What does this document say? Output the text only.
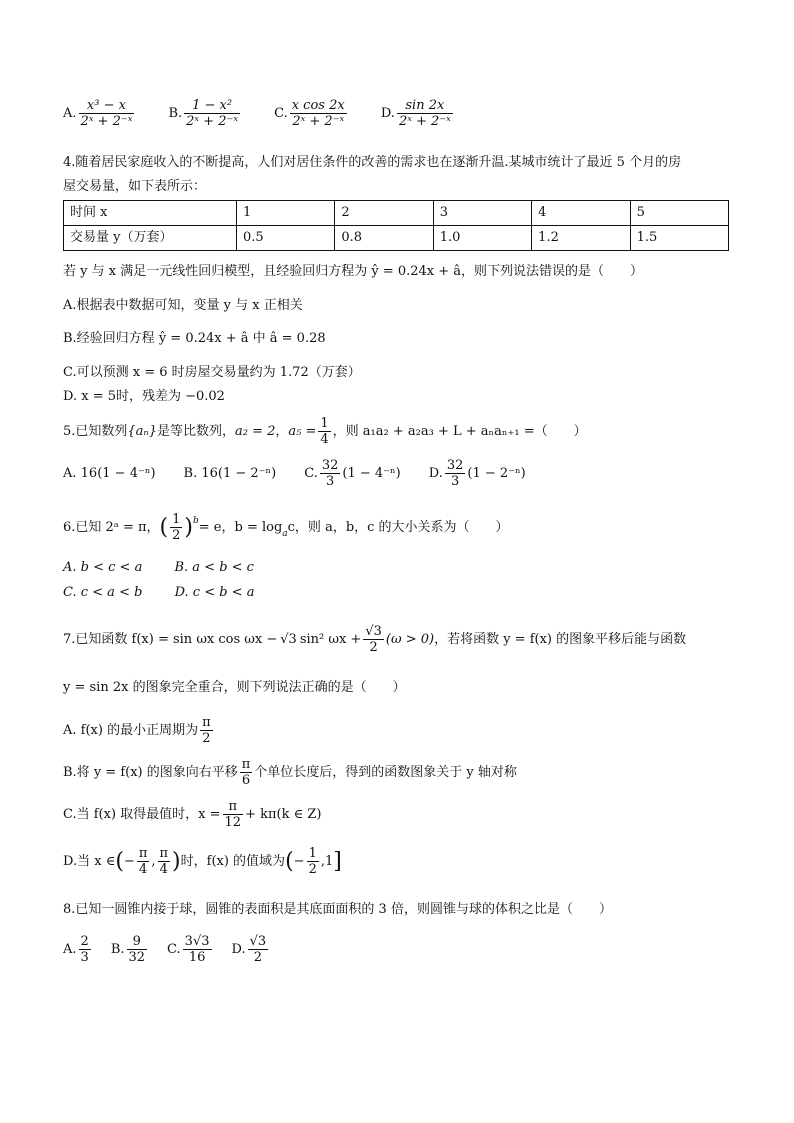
A. $\frac{\text{x³ − x}}{\text{2ˣ + 2⁻ˣ}}$
	B. $\frac{\text{1 − x²}}{\text{2ˣ + 2⁻ˣ}}$
	C. $\frac{\text{x cos 2x}}{\text{2ˣ + 2⁻ˣ}}$
	D. $\frac{\sin 2x}{\text{2ˣ + 2⁻ˣ}}$
4.随着居民家庭收入的不断提高，人们对居住条件的改善的需求也在逐渐升温.某城市统计了最近 5 个月的房
屋交易量，如下表所示：
时间 x	1	2	3	4	5
交易量 y（万套）	0.5	0.8	1.0	1.2	1.5
若 y 与 x 满足一元线性回归模型，且经验回归方程为 ŷ = 0.24x + â，则下列说法错误的是（　　）
A.根据表中数据可知，变量 y 与 x 正相关
B.经验回归方程 ŷ = 0.24x + â 中 â = 0.28
C.可以预测 x = 6 时房屋交易量约为 1.72（万套）
D. x = 5时，残差为 −0.02
5.已知数列 {aₙ} 是等比数列， a₂ = 2 ， $a_5 = \frac{1}{4}$ ，则 a₁a₂ + a₂a₃ + L + aₙaₙ₊₁ =（　　）
A. 16(1 − 4⁻ⁿ) B. 16(1 − 2⁻ⁿ) C. $\frac{32}{3} (1 - 4^{-n})$ D. $\frac{32}{3} (1 - 2^{-n})$
6.已知 2ᵃ = π， ( $\frac{1}{2} )^b = e$，$b = \log_a c$，则 a，b，c 的大小关系为（　　）
A. b < c < a B. a < b < c
C. c < a < b D. c < b < a
7.已知函数 f(x) = sin ωx cos ωx − √3 sin² $\omega x + \frac{√3}{2} (\omega > 0)$ ，若将函数 y = f(x) 的图象平移后能与函数
y = sin 2x 的图象完全重合，则下列说法正确的是（　　）
A. f(x) 的最小正周期为 $\frac{\pi}{2}$
B.将 y = f(x) 的图象向右平移 $\frac{\pi}{6}$ 个单位长度后，得到的函数图象关于 y 轴对称
C.当 f(x) 取得最值时，$x = \frac{\pi}{12} + k\pi(k$ ∈ Z)
D.当 x ∈ ( − $\frac{\pi}{4}$ , $\frac{\pi}{4}$ ) 时，f(x) 的值域为 ( − $\frac{1}{2} ,1$ ]
8.已知一圆锥内接于球，圆锥的表面积是其底面面积的 3 倍，则圆锥与球的体积之比是（　　）
A. $\frac{2}{3} B$. $\frac{9}{32} C$. $\frac{3√3}{16} D$. $\frac{√3}{2}$
